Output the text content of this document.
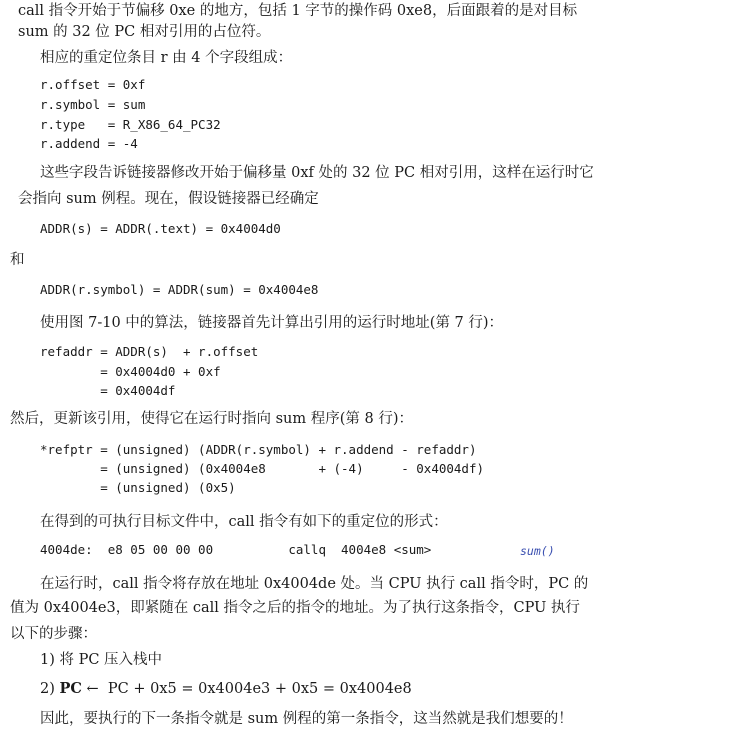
call 指令开始于节偏移 0xe 的地方，包括 1 字节的操作码 0xe8，后面跟着的是对目标
sum 的 32 位 PC 相对引用的占位符。
相应的重定位条目 r 由 4 个字段组成：
r.offset = 0xf
r.symbol = sum
r.type   = R_X86_64_PC32
r.addend = -4
这些字段告诉链接器修改开始于偏移量 0xf 处的 32 位 PC 相对引用，这样在运行时它
会指向 sum 例程。现在，假设链接器已经确定
ADDR(s) = ADDR(.text) = 0x4004d0
和
ADDR(r.symbol) = ADDR(sum) = 0x4004e8
使用图 7-10 中的算法，链接器首先计算出引用的运行时地址(第 7 行)：
refaddr = ADDR(s)  + r.offset
= 0x4004d0 + 0xf
= 0x4004df
然后，更新该引用，使得它在运行时指向 sum 程序(第 8 行)：
*refptr = (unsigned) (ADDR(r.symbol) + r.addend - refaddr)
= (unsigned) (0x4004e8       + (-4)     - 0x4004df)
= (unsigned) (0x5)
在得到的可执行目标文件中，call 指令有如下的重定位的形式：
4004de:  e8 05 00 00 00          callq  4004e8 <sum>	sum()
在运行时，call 指令将存放在地址 0x4004de 处。当 CPU 执行 call 指令时，PC 的
值为 0x4004e3，即紧随在 call 指令之后的指令的地址。为了执行这条指令，CPU 执行
以下的步骤：
1) 将 PC 压入栈中
2) PC ←  PC + 0x5 = 0x4004e3 + 0x5 = 0x4004e8
因此，要执行的下一条指令就是 sum 例程的第一条指令，这当然就是我们想要的！
